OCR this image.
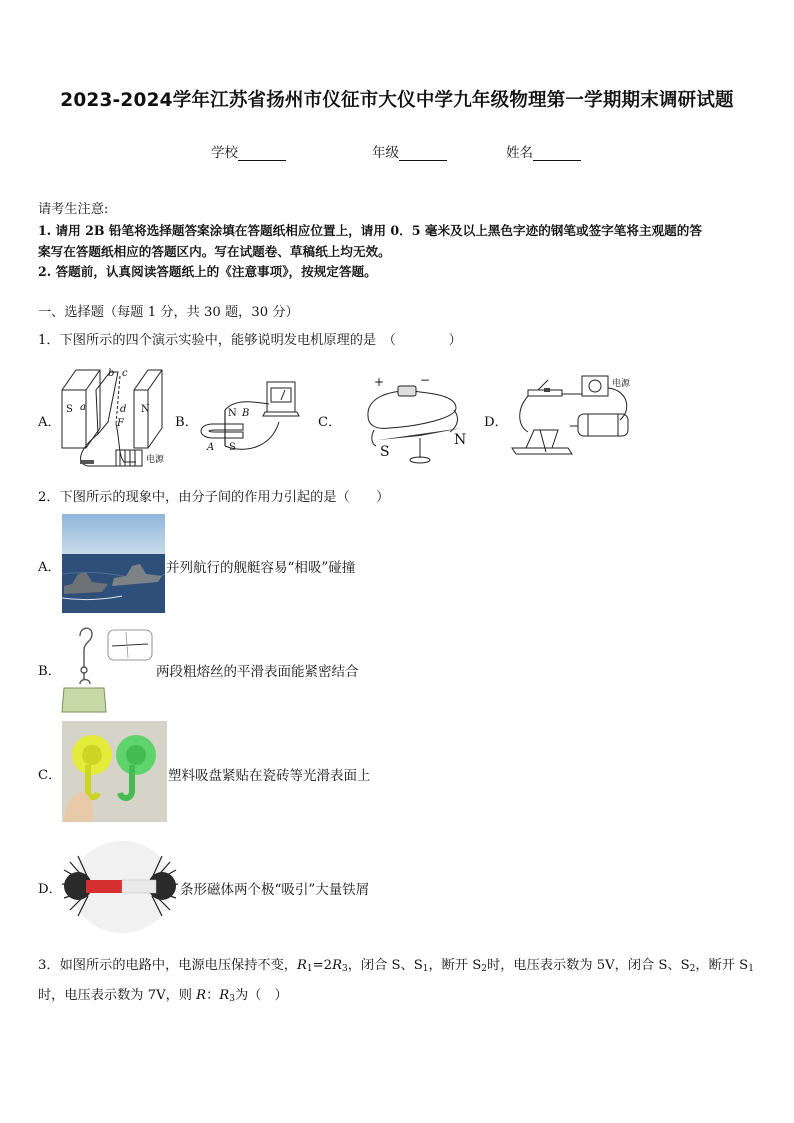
2023-2024学年江苏省扬州市仪征市大仪中学九年级物理第一学期期末调研试题
学校	年级	姓名
请考生注意:
1. 请用 2B 铅笔将选择题答案涂填在答题纸相应位置上，请用 0．5 毫米及以上黑色字迹的钢笔或签字笔将主观题的答
案写在答题纸相应的答题区内。写在试题卷、草稿纸上均无效。
2. 答题前，认真阅读答题纸上的《注意事项》，按规定答题。
一、选择题（每题 1 分，共 30 题，30 分）
1．下图所示的四个演示实验中，能够说明发电机原理的是　（　　　　）
A．	B．	C．	D．
S	N
a
b c
d
F
电源
N B
A S
+	−
S
N
电源
2．下图所示的现象中，由分子间的作用力引起的是（　　）
A．	并列航行的舰艇容易“相吸”碰撞
B．	两段粗熔丝的平滑表面能紧密结合
C．	塑料吸盘紧贴在瓷砖等光滑表面上
D．	条形磁体两个极“吸引”大量铁屑
3．如图所示的电路中，电源电压保持不变，$R_1=2R_3$，闭合 S、$S_1$，断开 $S_2$时，电压表示数为 5V，闭合 S、$S_2$，断开 $S_1$
时，电压表示数为 7V，则 R：$R_3$为（　）
